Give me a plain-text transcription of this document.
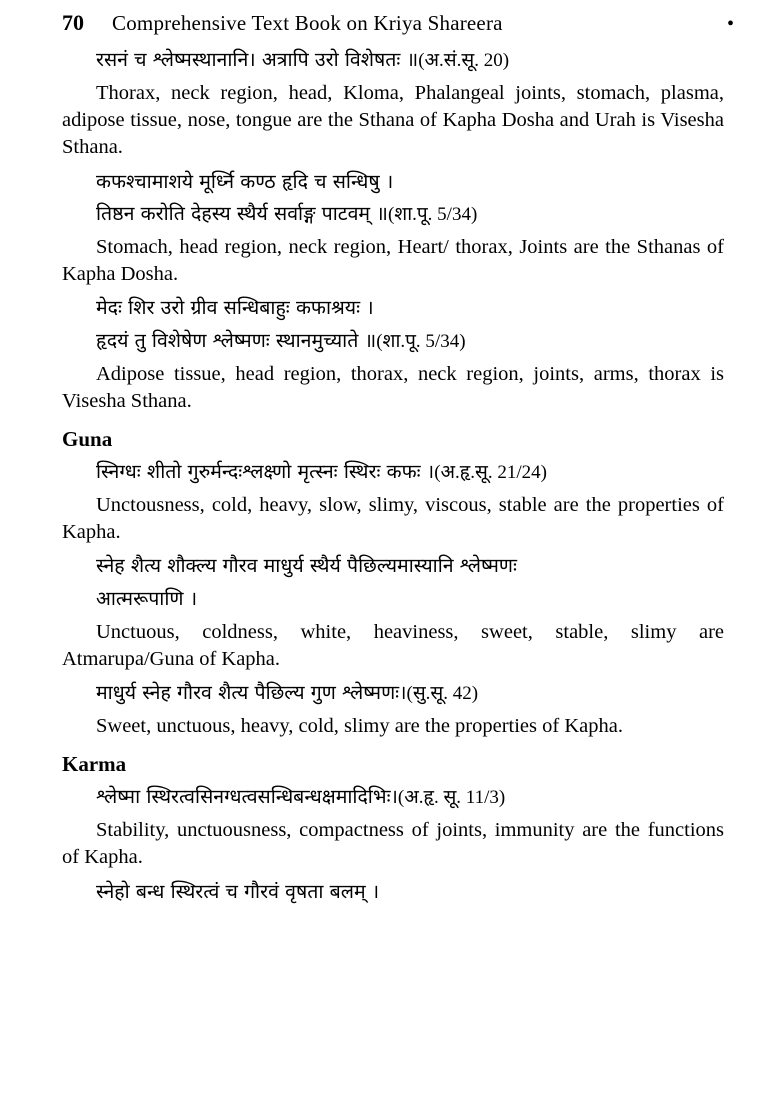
70 Comprehensive Text Book on Kriya Shareera	•

रसनं च श्लेष्मस्थानानि। अत्रापि उरो विशेषतः ॥(अ.सं.सू. 20)

Thorax, neck region, head, Kloma, Phalangeal joints, stomach, plasma, adipose tissue, nose, tongue are the Sthana of Kapha Dosha and Urah is Visesha Sthana.

कफश्चामाशये मूर्ध्नि कण्ठ हृदि च सन्धिषु ।

तिष्ठन करोति देहस्य स्थैर्य सर्वाङ्ग पाटवम् ॥(शा.पू. 5/34)

Stomach, head region, neck region, Heart/ thorax, Joints are the Sthanas of Kapha Dosha.

मेदः शिर उरो ग्रीव सन्धिबाहुः कफाश्रयः ।

हृदयं तु विशेषेण श्लेष्मणः स्थानमुच्याते ॥(शा.पू. 5/34)

Adipose tissue, head region, thorax, neck region, joints, arms, thorax is Visesha Sthana.

Guna

स्निग्धः शीतो गुरुर्मन्दःश्लक्ष्णो मृत्स्नः स्थिरः कफः ।(अ.हृ.सू. 21/24)

Unctousness, cold, heavy, slow, slimy, viscous, stable are the properties of Kapha.

स्नेह शैत्य शौक्ल्य गौरव माधुर्य स्थैर्य पैछिल्यमास्यानि श्लेष्मणः

आत्मरूपाणि ।

Unctuous, coldness, white, heaviness, sweet, stable, slimy are Atmarupa/Guna of Kapha.

माधुर्य स्नेह गौरव शैत्य पैछिल्य गुण श्लेष्मणः।(सु.सू. 42)

Sweet, unctuous, heavy, cold, slimy are the properties of Kapha.

Karma

श्लेष्मा स्थिरत्वसिनग्धत्वसन्धिबन्धक्षमादिभिः।(अ.हृ. सू. 11/3)

Stability, unctuousness, compactness of joints, immunity are the functions of Kapha.

स्नेहो बन्ध स्थिरत्वं च गौरवं वृषता बलम् ।
